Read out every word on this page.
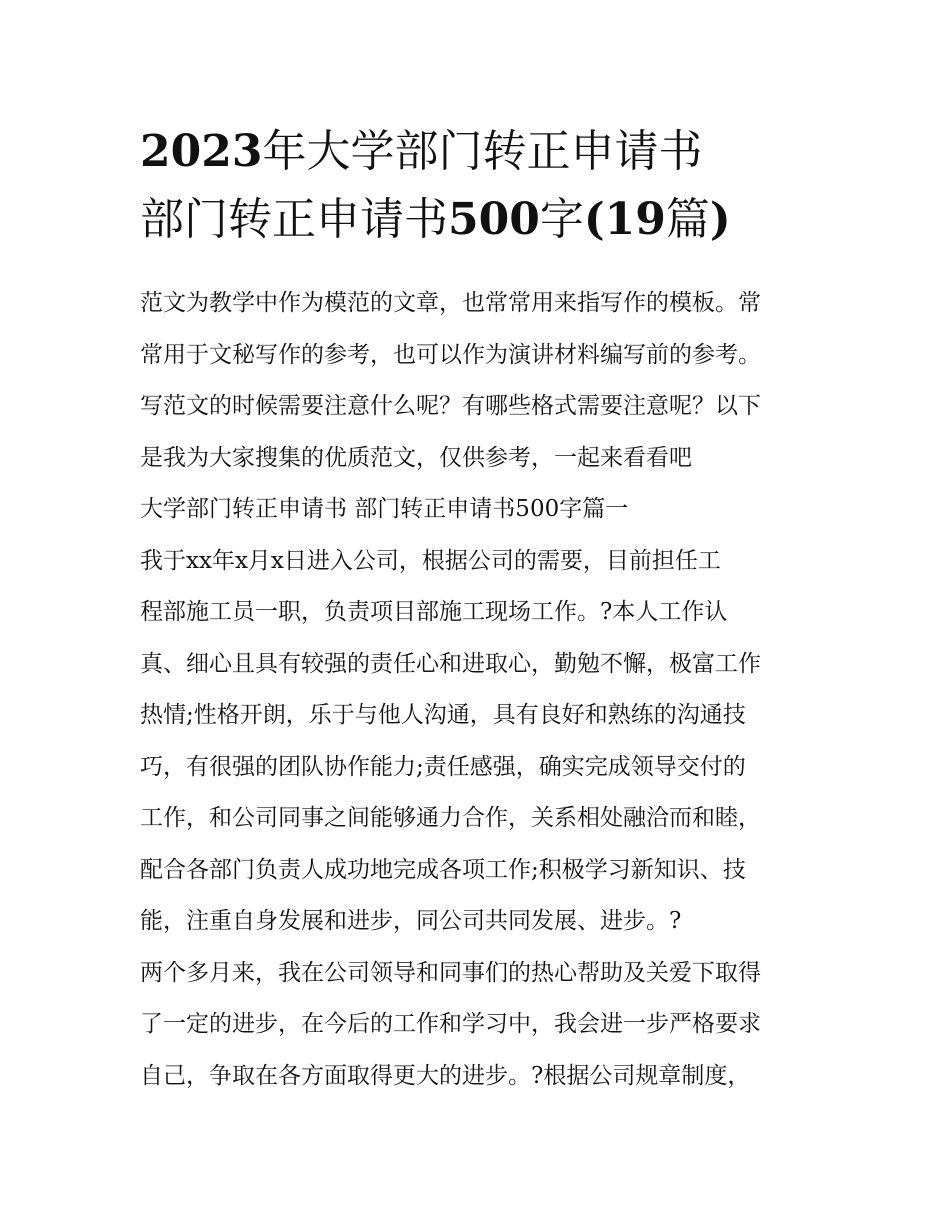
2023年大学部门转正申请书
部门转正申请书500字(19篇)
范文为教学中作为模范的文章，也常常用来指写作的模板。常
常用于文秘写作的参考，也可以作为演讲材料编写前的参考。
写范文的时候需要注意什么呢？有哪些格式需要注意呢？以下
是我为大家搜集的优质范文，仅供参考，一起来看看吧
大学部门转正申请书 部门转正申请书500字篇一
我于xx年x月x日进入公司，根据公司的需要，目前担任工
程部施工员一职，负责项目部施工现场工作。?本人工作认
真、细心且具有较强的责任心和进取心，勤勉不懈，极富工作
热情;性格开朗，乐于与他人沟通，具有良好和熟练的沟通技
巧，有很强的团队协作能力;责任感强，确实完成领导交付的
工作，和公司同事之间能够通力合作，关系相处融洽而和睦，
配合各部门负责人成功地完成各项工作;积极学习新知识、技
能，注重自身发展和进步，同公司共同发展、进步。?
两个多月来，我在公司领导和同事们的热心帮助及关爱下取得
了一定的进步，在今后的工作和学习中，我会进一步严格要求
自己，争取在各方面取得更大的进步。?根据公司规章制度，
